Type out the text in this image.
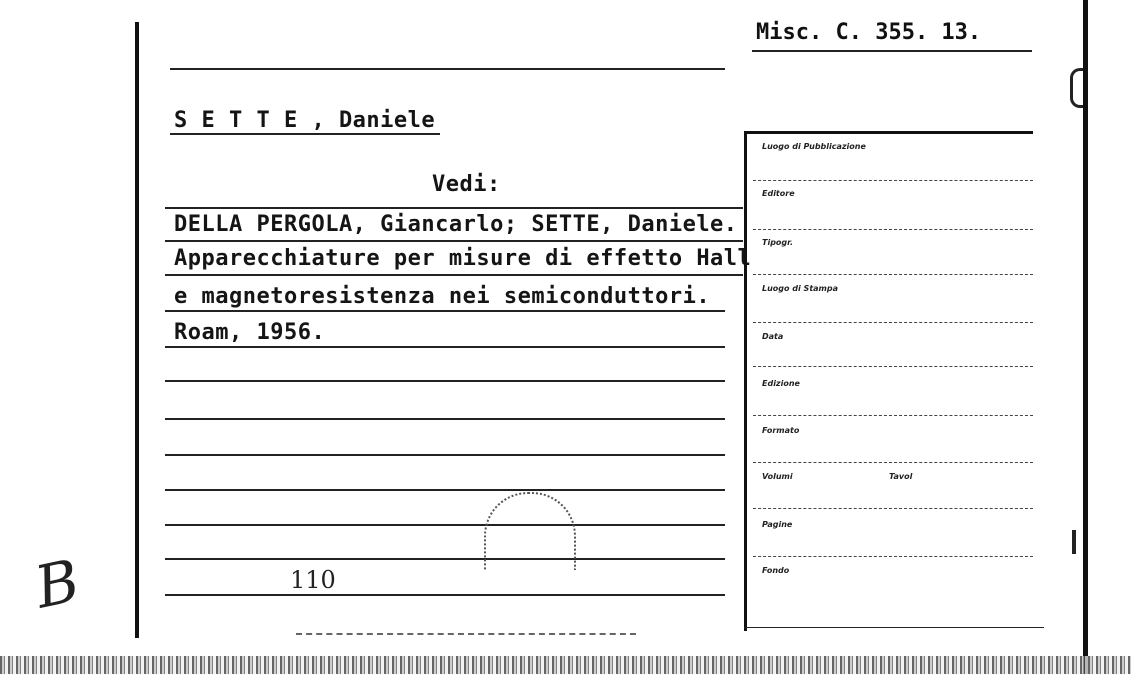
Misc. C. 355. 13.
S E T T E , Daniele
Vedi:
DELLA PERGOLA, Giancarlo; SETTE, Daniele.
Apparecchiature per misure di effetto Hall
e magnetoresistenza nei semiconduttori.
Roam, 1956.
110
B
Luogo di Pubblicazione
Editore
Tipogr.
Luogo di Stampa
Data
Edizione
Formato
Volumi	Tavol
Pagine
Fondo
